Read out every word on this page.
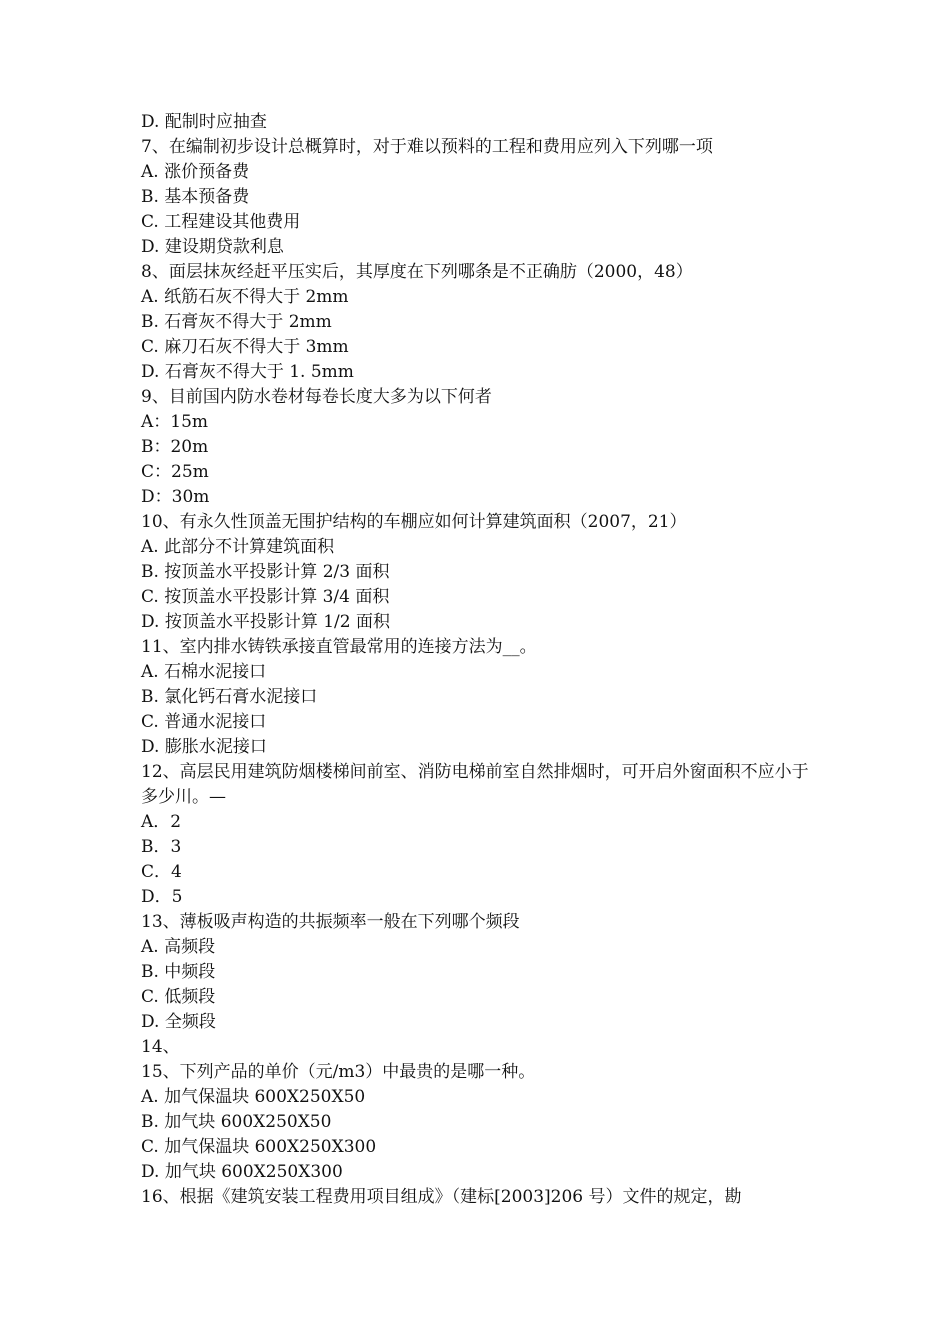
D. 配制时应抽查
7、在编制初步设计总概算时，对于难以预料的工程和费用应列入下列哪一项
A. 涨价预备费
B. 基本预备费
C. 工程建设其他费用
D. 建设期贷款利息
8、面层抹灰经赶平压实后，其厚度在下列哪条是不正确肪（2000，48）
A. 纸筋石灰不得大于 2mm
B. 石膏灰不得大于 2mm
C. 麻刀石灰不得大于 3mm
D. 石膏灰不得大于 1. 5mm
9、目前国内防水卷材每卷长度大多为以下何者
A：15m
B：20m
C：25m
D：30m
10、有永久性顶盖无围护结构的车棚应如何计算建筑面积（2007，21）
A. 此部分不计算建筑面积
B. 按顶盖水平投影计算 2/3 面积
C. 按顶盖水平投影计算 3/4 面积
D. 按顶盖水平投影计算 1/2 面积
11、室内排水铸铁承接直管最常用的连接方法为__。
A. 石棉水泥接口
B. 氯化钙石膏水泥接口
C. 普通水泥接口
D. 膨胀水泥接口
12、高层民用建筑防烟楼梯间前室、消防电梯前室自然排烟时，可开启外窗面积不应小于多少川。—
A．2
B．3
C．4
D．5
13、薄板吸声构造的共振频率一般在下列哪个频段
A. 高频段
B. 中频段
C. 低频段
D. 全频段
14、
15、下列产品的单价（元/m3）中最贵的是哪一种。
A. 加气保温块 600X250X50
B. 加气块 600X250X50
C. 加气保温块 600X250X300
D. 加气块 600X250X300
16、根据《建筑安装工程费用项目组成》（建标[2003]206 号）文件的规定，勘
